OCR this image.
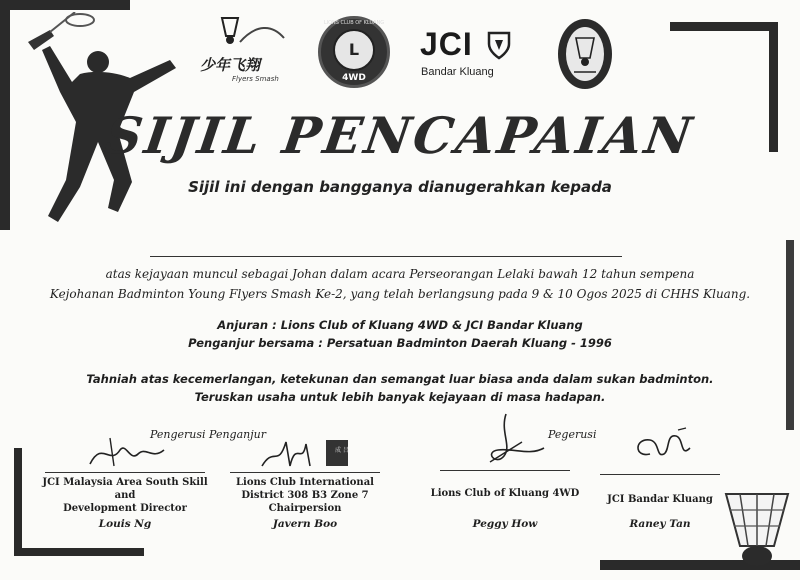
少年飞翔
Flyers Smash
L
LIONS CLUB OF KLUANG
4WD
JCI
Bandar Kluang
SIJIL PENCAPAIAN
Sijil ini dengan bangganya dianugerahkan kepada
atas kejayaan muncul sebagai Johan dalam acara Perseorangan Lelaki bawah 12 tahun sempena
Kejohanan Badminton Young Flyers Smash Ke-2, yang telah berlangsung pada 9 & 10 Ogos 2025 di CHHS Kluang.
Anjuran : Lions Club of Kluang 4WD & JCI Bandar Kluang
Penganjur bersama : Persatuan Badminton Daerah Kluang - 1996
Tahniah atas kecemerlangan, ketekunan dan semangat luar biasa anda dalam sukan badminton.
Teruskan usaha untuk lebih banyak kejayaan di masa hadapan.
Pengerusi Penganjur	Pegerusi
JCI Malaysia Area South Skill and
Development Director
Louis Ng
成 吕
Lions Club International
District 308 B3 Zone 7 Chairpersion
Javern Boo
Lions Club of Kluang 4WD
Peggy How
JCI Bandar Kluang
Raney Tan
